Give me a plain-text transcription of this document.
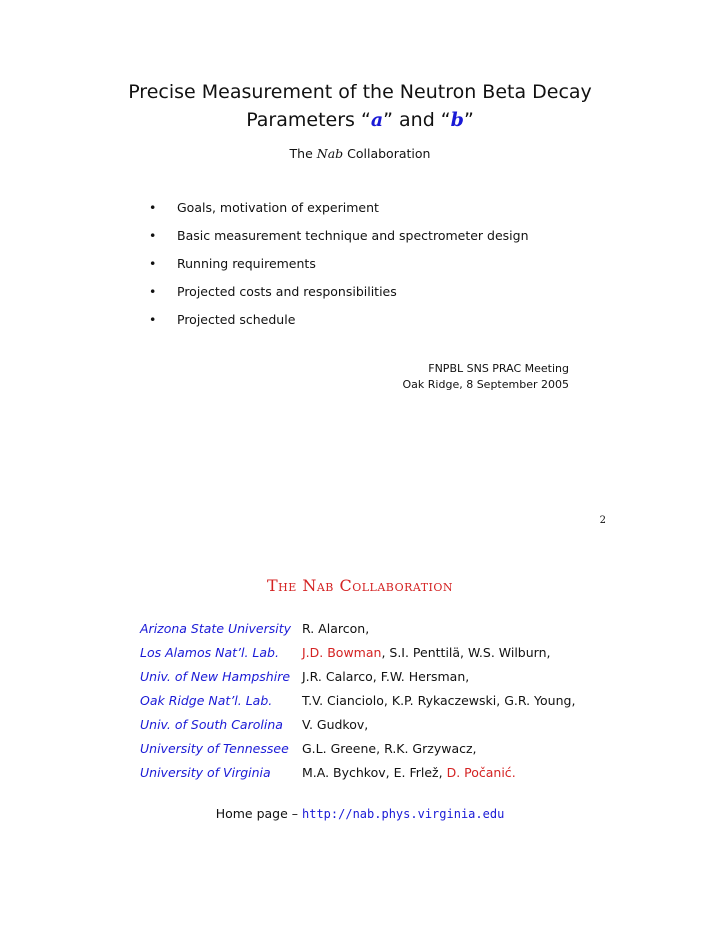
Precise Measurement of the Neutron Beta Decay
Parameters “a” and “b”
The Nab Collaboration
• Goals, motivation of experiment
• Basic measurement technique and spectrometer design
• Running requirements
• Projected costs and responsibilities
• Projected schedule
FNPBL SNS PRAC Meeting
Oak Ridge, 8 September 2005
2
The Nab Collaboration
Arizona State University	R. Alarcon,
Los Alamos Nat’l. Lab.	J.D. Bowman, S.I. Penttilä, W.S. Wilburn,
Univ. of New Hampshire	J.R. Calarco, F.W. Hersman,
Oak Ridge Nat’l. Lab.	T.V. Cianciolo, K.P. Rykaczewski, G.R. Young,
Univ. of South Carolina	V. Gudkov,
University of Tennessee	G.L. Greene, R.K. Grzywacz,
University of Virginia	M.A. Bychkov, E. Frlež, D. Počanić.
Home page – http://nab.phys.virginia.edu
